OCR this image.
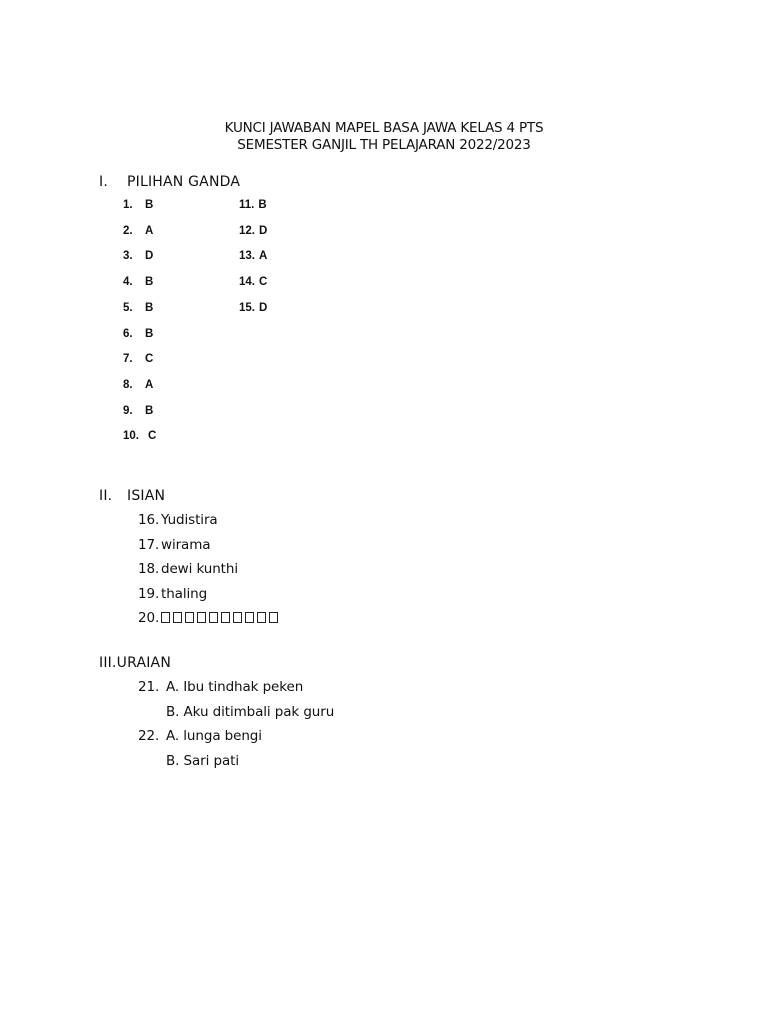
KUNCI JAWABAN MAPEL BASA JAWA KELAS 4 PTS
SEMESTER GANJIL TH PELAJARAN 2022/2023
I. PILIHAN GANDA
1. B
2. A
3. D
4. B
5. B
6. B
7. C
8. A
9. B
10. C
11. B
12. D
13. A
14. C
15. D
II. ISIAN
16. Yudistira
17. wirama
18. dewi kunthi
19. thaling
20.
III.URAIAN
21. A. Ibu tindhak peken
B. Aku ditimbali pak guru
22. A. lunga bengi
B. Sari pati
